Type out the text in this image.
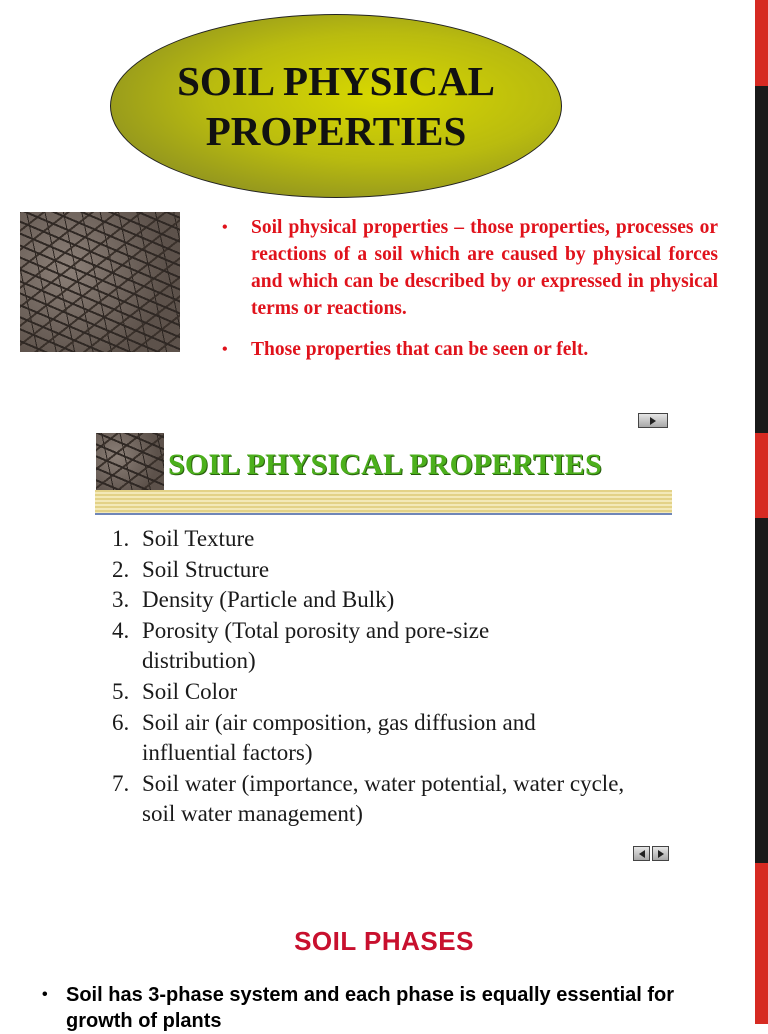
SOIL PHYSICAL
PROPERTIES
• Soil physical properties – those properties, processes or reactions of a soil which are caused by physical forces and which can be described by or expressed in physical terms or reactions.
• Those properties that can be seen or felt.
SOIL PHYSICAL PROPERTIES
1. Soil Texture
2. Soil Structure
3. Density (Particle and Bulk)
4. Porosity (Total porosity and pore-size distribution)
5. Soil Color
6. Soil air (air composition, gas diffusion and influential factors)
7. Soil water (importance, water potential, water cycle, soil water management)
SOIL PHASES
• Soil has 3-phase system and each phase is equally essential for growth of plants
